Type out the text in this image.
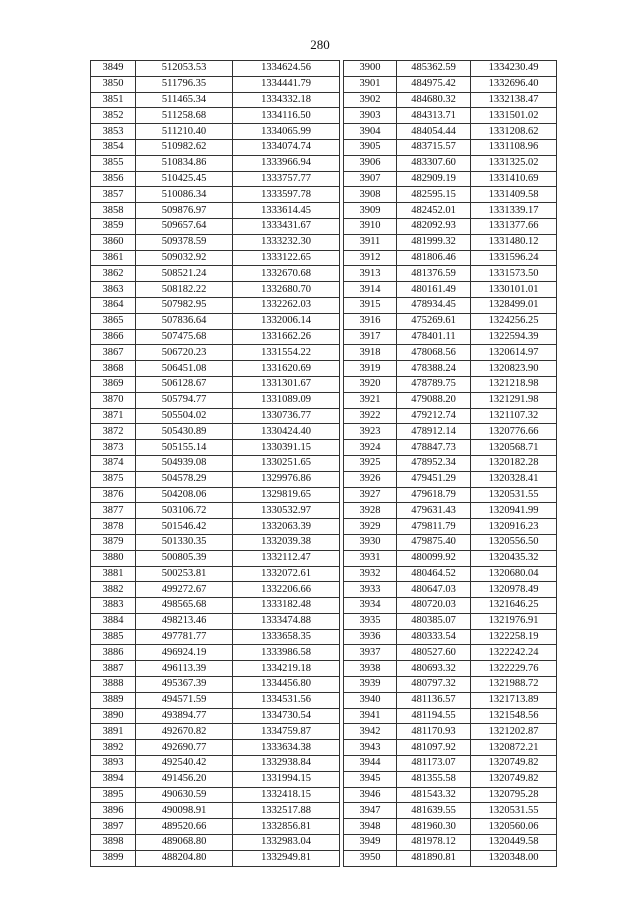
280
3849	512053.53	1334624.56
3850	511796.35	1334441.79
3851	511465.34	1334332.18
3852	511258.68	1334116.50
3853	511210.40	1334065.99
3854	510982.62	1334074.74
3855	510834.86	1333966.94
3856	510425.45	1333757.77
3857	510086.34	1333597.78
3858	509876.97	1333614.45
3859	509657.64	1333431.67
3860	509378.59	1333232.30
3861	509032.92	1333122.65
3862	508521.24	1332670.68
3863	508182.22	1332680.70
3864	507982.95	1332262.03
3865	507836.64	1332006.14
3866	507475.68	1331662.26
3867	506720.23	1331554.22
3868	506451.08	1331620.69
3869	506128.67	1331301.67
3870	505794.77	1331089.09
3871	505504.02	1330736.77
3872	505430.89	1330424.40
3873	505155.14	1330391.15
3874	504939.08	1330251.65
3875	504578.29	1329976.86
3876	504208.06	1329819.65
3877	503106.72	1330532.97
3878	501546.42	1332063.39
3879	501330.35	1332039.38
3880	500805.39	1332112.47
3881	500253.81	1332072.61
3882	499272.67	1332206.66
3883	498565.68	1333182.48
3884	498213.46	1333474.88
3885	497781.77	1333658.35
3886	496924.19	1333986.58
3887	496113.39	1334219.18
3888	495367.39	1334456.80
3889	494571.59	1334531.56
3890	493894.77	1334730.54
3891	492670.82	1334759.87
3892	492690.77	1333634.38
3893	492540.42	1332938.84
3894	491456.20	1331994.15
3895	490630.59	1332418.15
3896	490098.91	1332517.88
3897	489520.66	1332856.81
3898	489068.80	1332983.04
3899	488204.80	1332949.81
3900	485362.59	1334230.49
3901	484975.42	1332696.40
3902	484680.32	1332138.47
3903	484313.71	1331501.02
3904	484054.44	1331208.62
3905	483715.57	1331108.96
3906	483307.60	1331325.02
3907	482909.19	1331410.69
3908	482595.15	1331409.58
3909	482452.01	1331339.17
3910	482092.93	1331377.66
3911	481999.32	1331480.12
3912	481806.46	1331596.24
3913	481376.59	1331573.50
3914	480161.49	1330101.01
3915	478934.45	1328499.01
3916	475269.61	1324256.25
3917	478401.11	1322594.39
3918	478068.56	1320614.97
3919	478388.24	1320823.90
3920	478789.75	1321218.98
3921	479088.20	1321291.98
3922	479212.74	1321107.32
3923	478912.14	1320776.66
3924	478847.73	1320568.71
3925	478952.34	1320182.28
3926	479451.29	1320328.41
3927	479618.79	1320531.55
3928	479631.43	1320941.99
3929	479811.79	1320916.23
3930	479875.40	1320556.50
3931	480099.92	1320435.32
3932	480464.52	1320680.04
3933	480647.03	1320978.49
3934	480720.03	1321646.25
3935	480385.07	1321976.91
3936	480333.54	1322258.19
3937	480527.60	1322242.24
3938	480693.32	1322229.76
3939	480797.32	1321988.72
3940	481136.57	1321713.89
3941	481194.55	1321548.56
3942	481170.93	1321202.87
3943	481097.92	1320872.21
3944	481173.07	1320749.82
3945	481355.58	1320749.82
3946	481543.32	1320795.28
3947	481639.55	1320531.55
3948	481960.30	1320560.06
3949	481978.12	1320449.58
3950	481890.81	1320348.00
